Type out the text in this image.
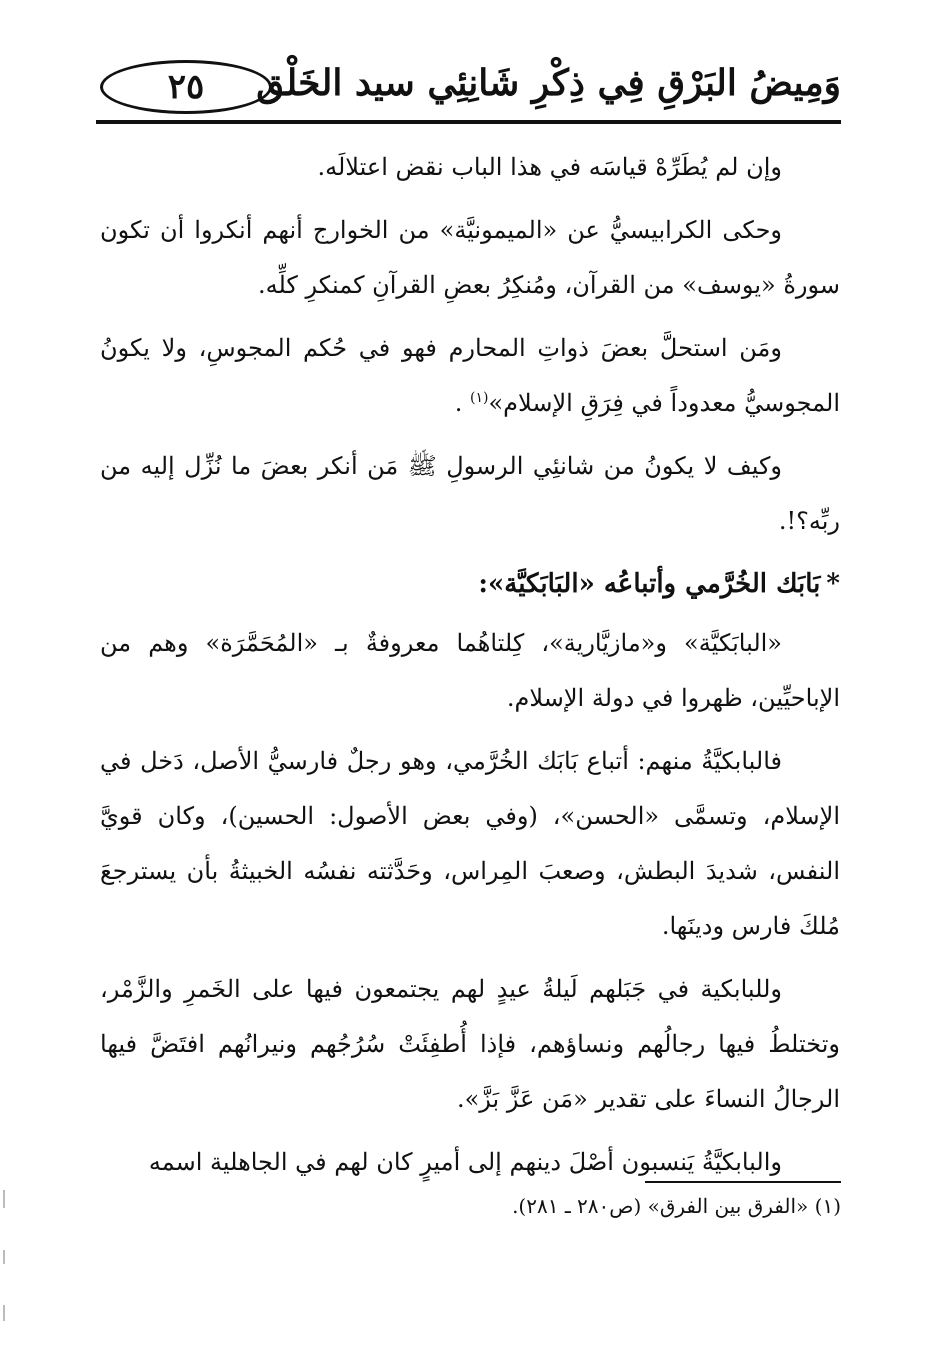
٢٥	وَمِيضُ البَرْقِ فِي ذِكْرِ شَانِئِي سيد الخَلْق

وإن لم يُطَرِّهْ قياسَه في هذا الباب نقض اعتلالَه.

وحكى الكرابيسيُّ عن «الميمونيَّة» من الخوارج أنهم أنكروا أن تكون سورةُ «يوسف» من القرآن، ومُنكِرُ بعضِ القرآنِ كمنكرِ كلِّه.

ومَن استحلَّ بعضَ ذواتِ المحارم فهو في حُكم المجوسِ، ولا يكونُ المجوسيُّ معدوداً في فِرَقِ الإسلام»$^{(١)}$ .

وكيف لا يكونُ من شانئِي الرسولِ ﷺ مَن أنكر بعضَ ما نُزِّل إليه من ربِّه؟!.

*بَابَك الخُرَّمي وأتباعُه «البَابَكيَّة»:

«البابَكيَّة» و«مازيَّارية»، كِلتاهُما معروفةٌ بـ «المُحَمَّرَة» وهم من الإباحيِّين، ظهروا في دولة الإسلام.

فالبابكيَّةُ منهم: أتباع بَابَك الخُرَّمي، وهو رجلٌ فارسيُّ الأصل، دَخل في الإسلام، وتسمَّى «الحسن»، (وفي بعض الأصول: الحسين)، وكان قويَّ النفس، شديدَ البطش، وصعبَ المِراس، وحَدَّثته نفسُه الخبيثةُ بأن يسترجعَ مُلكَ فارس ودينَها.

وللبابكية في جَبَلهم لَيلةُ عيدٍ لهم يجتمعون فيها على الخَمرِ والزَّمْر، وتختلطُ فيها رجالُهم ونساؤهم، فإذا أُطفِئَتْ سُرُجُهم ونيرانُهم افتَضَّ فيها الرجالُ النساءَ على تقدير «مَن عَزَّ بَزَّ».

والبابكيَّةُ يَنسبون أصْلَ دينهم إلى أميرٍ كان لهم في الجاهلية اسمه

(١) «الفرق بين الفرق» (ص٢٨٠ ـ ٢٨١).
